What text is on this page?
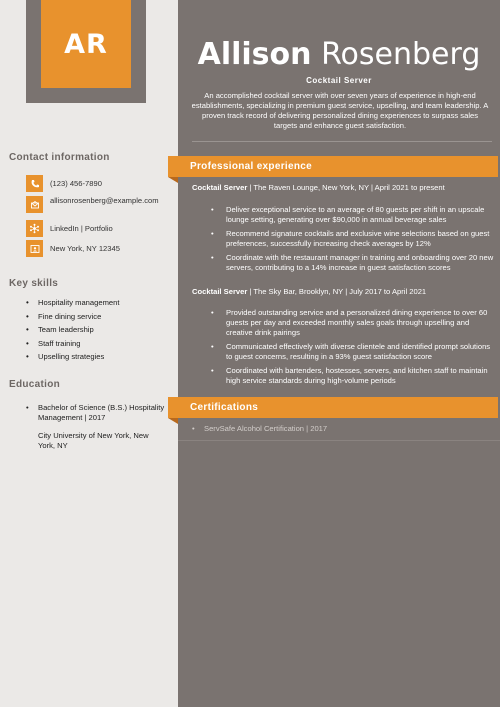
AR	Allison Rosenberg
Cocktail Server
An accomplished cocktail server with over seven years of experience in high-end establishments, specializing in premium guest service, upselling, and team leadership. A proven track record of delivering personalized dining experiences to surpass sales targets and enhance guest satisfaction.
Contact information
(123) 456-7890
allisonrosenberg@example.com
LinkedIn | Portfolio
New York, NY 12345
Key skills
• Hospitality management
• Fine dining service
• Team leadership
• Staff training
• Upselling strategies
Education
• Bachelor of Science (B.S.) Hospitality Management | 2017
City University of New York, New York, NY
Professional experience
Cocktail Server | The Raven Lounge, New York, NY | April 2021 to present
• Deliver exceptional service to an average of 80 guests per shift in an upscale lounge setting, generating over $90,000 in annual beverage sales
• Recommend signature cocktails and exclusive wine selections based on guest preferences, successfully increasing check averages by 12%
• Coordinate with the restaurant manager in training and onboarding over 20 new servers, contributing to a 14% increase in guest satisfaction scores
Cocktail Server | The Sky Bar, Brooklyn, NY | July 2017 to April 2021
• Provided outstanding service and a personalized dining experience to over 60 guests per day and exceeded monthly sales goals through upselling and creative drink pairings
• Communicated effectively with diverse clientele and identified prompt solutions to guest concerns, resulting in a 93% guest satisfaction score
• Coordinated with bartenders, hostesses, servers, and kitchen staff to maintain high service standards during high-volume periods
Certifications
• ServSafe Alcohol Certification | 2017
